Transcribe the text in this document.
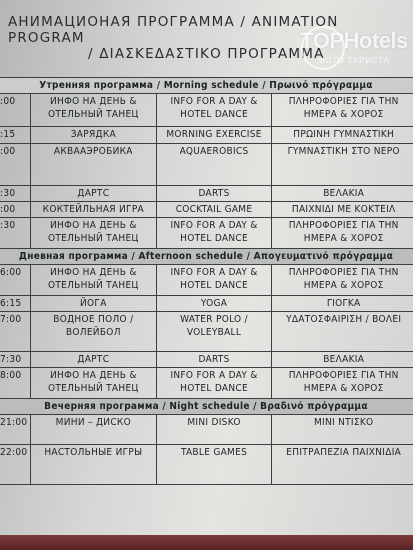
АНИМАЦИОНАЯ ПРОГРАММА / ANIMATION PROGRAM
/ ΔΙΑΣΚΕΔΑΣΤΙΚΟ ΠΡΟΓΡΑΜΜΑ
TOPHotels
ФОТО ТУРИСТА
Утренняя программа / Morning schedule / Πρωινό πρόγραμμα			
:00	ИНФО НА ДЕНЬ & ОТЕЛЬНЫЙ ТАНЕЦ	INFO FOR A DAY & HOTEL DANCE	ΠΛΗΡΟΦΟΡΙΕΣ ΓΙΑ ΤΗΝ ΗΜΕΡΑ & ΧΟΡΟΣ
:15	ЗАРЯДКА	MORNING EXERCISE	ΠΡΩΙΝΗ ΓΥΜΝΑΣΤΙΚΗ
:00	АКВААЭРОБИКА	AQUAEROBICS	ΓΥΜΝΑΣΤΙΚΗ ΣΤΟ ΝΕΡΟ
:30	ДАРТС	DARTS	ΒΕΛΑΚΙΑ
:00	КОКТЕЙЛЬНАЯ ИГРА	COCKTAIL GAME	ΠΑΙΧΝΙΔΙ ΜΕ ΚΟΚΤΕΙΛ
:30	ИНФО НА ДЕНЬ & ОТЕЛЬНЫЙ ТАНЕЦ	INFO FOR A DAY & HOTEL DANCE	ΠΛΗΡΟΦΟΡΙΕΣ ΓΙΑ ΤΗΝ ΗΜΕΡΑ & ΧΟΡΟΣ
Дневная программа / Afternoon schedule / Απογευματινό πρόγραμμα			
6:00	ИНФО НА ДЕНЬ & ОТЕЛЬНЫЙ ТАНЕЦ	INFO FOR A DAY & HOTEL DANCE	ΠΛΗΡΟΦΟΡΙΕΣ ΓΙΑ ΤΗΝ ΗΜΕΡΑ & ΧΟΡΟΣ
6:15	ЙОГА	YOGA	ΓΙΟΓΚΑ
7:00	ВОДНОЕ ПОЛО / ВОЛЕЙБОЛ	WATER POLO / VOLEYBALL	ΥΔΑΤΟΣΦΑΙΡΙΣΗ / ΒΟΛΕΙ
7:30	ДАРТС	DARTS	ΒΕΛΑΚΙΑ
8:00	ИНФО НА ДЕНЬ & ОТЕЛЬНЫЙ ТАНЕЦ	INFO FOR A DAY & HOTEL DANCE	ΠΛΗΡΟΦΟΡΙΕΣ ΓΙΑ ΤΗΝ ΗΜΕΡΑ & ΧΟΡΟΣ
Вечерняя программа / Night schedule / Βραδινό πρόγραμμα			
21:00	МИНИ – ДИСКО	MINI DISKO	ΜΙΝΙ ΝΤΙΣΚΟ
22:00	НАСТОЛЬНЫЕ ИГРЫ	TABLE GAMES	ΕΠΙΤΡΑΠΕΖΙΑ ΠΑΙΧΝΙΔΙΑ
